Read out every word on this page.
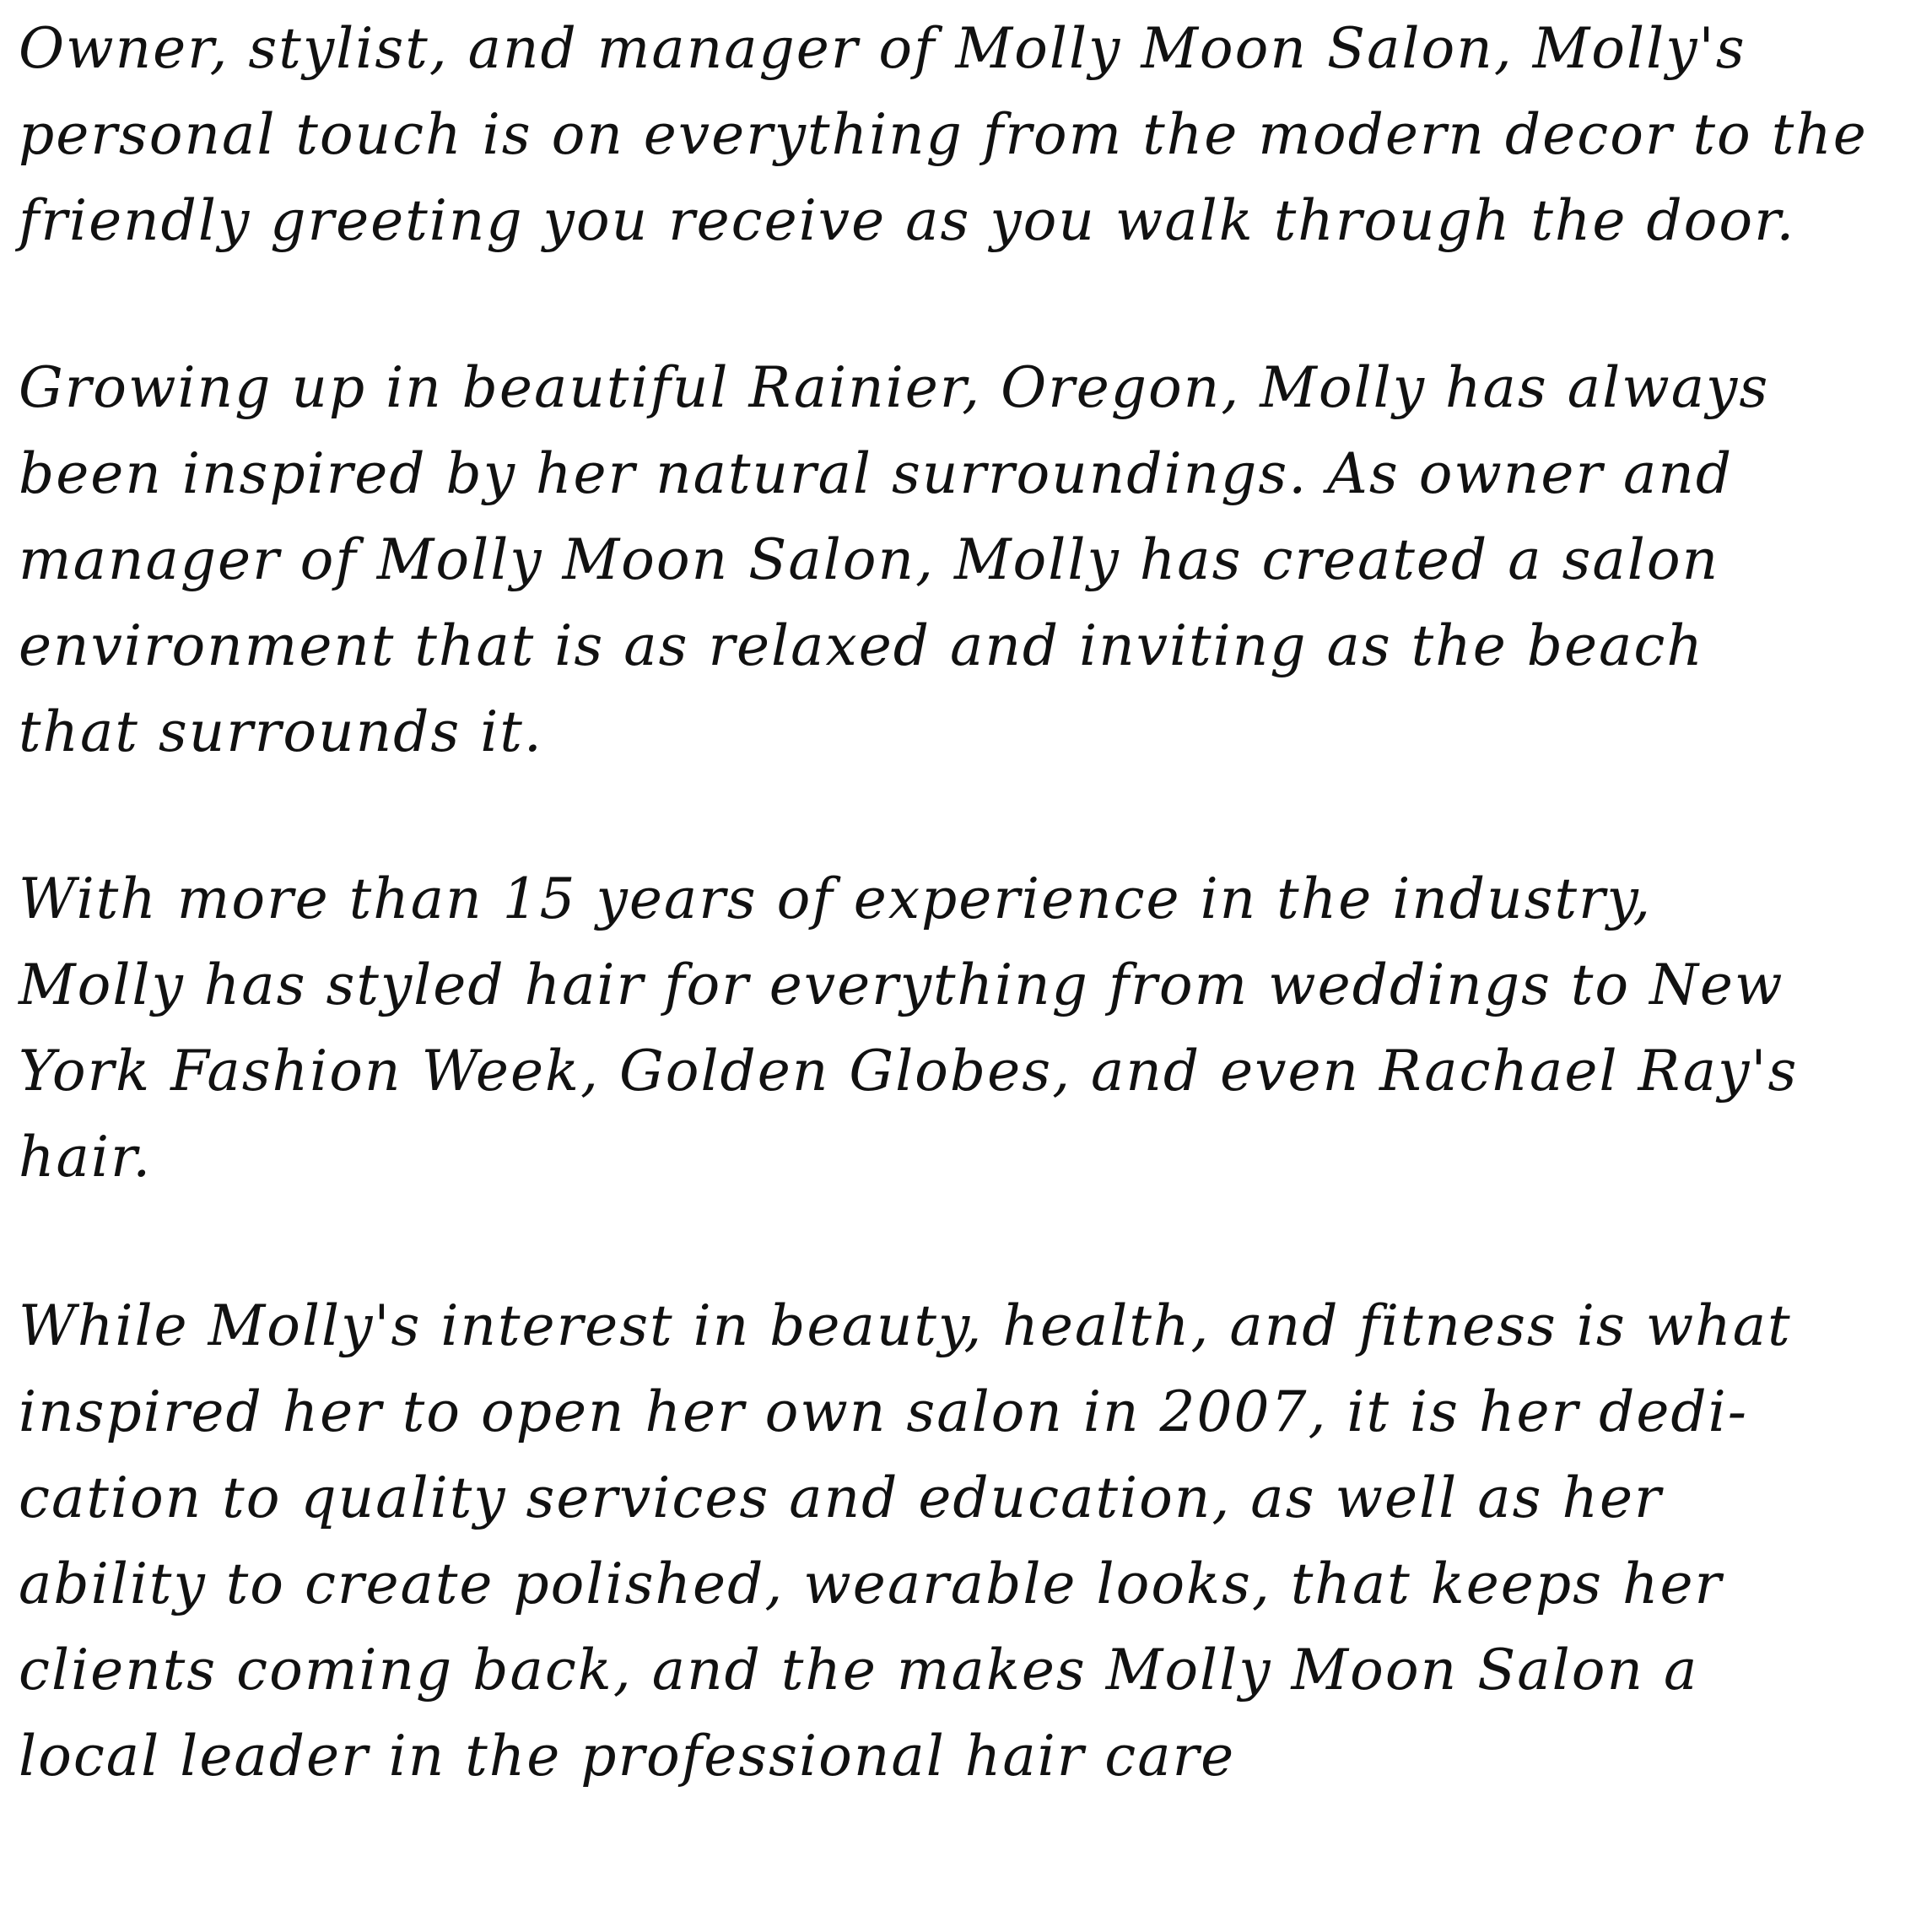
Owner, stylist, and manager of Molly Moon Salon, Molly's

personal touch is on everything from the modern decor to the

friendly greeting you receive as you walk through the door.

Growing up in beautiful Rainier, Oregon, Molly has always

been inspired by her natural surroundings. As owner and

manager of Molly Moon Salon, Molly has created a salon

environment that is as relaxed and inviting as the beach

that surrounds it.

With more than 15 years of experience in the industry,

Molly has styled hair for everything from weddings to New

York Fashion Week, Golden Globes, and even Rachael Ray's

hair.

While Molly's interest in beauty, health, and fitness is what

inspired her to open her own salon in 2007, it is her dedi-

cation to quality services and education, as well as her

ability to create polished, wearable looks, that keeps her

clients coming back, and the makes Molly Moon Salon a

local leader in the professional hair care
